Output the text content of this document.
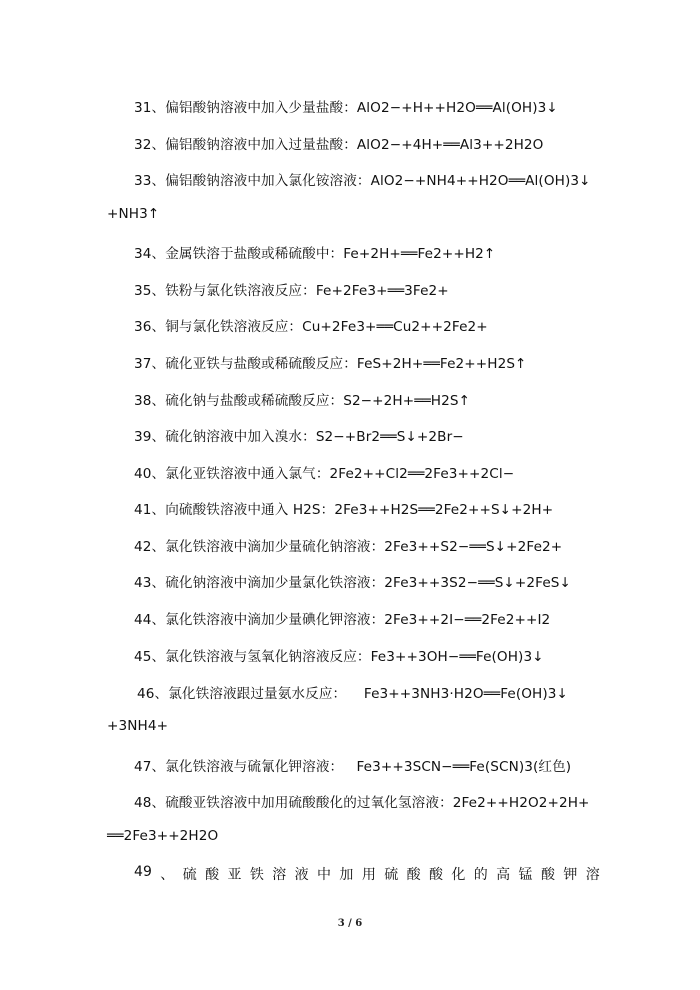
31、偏铝酸钠溶液中加入少量盐酸：AlO2−+H++H2O══Al(OH)3↓
32、偏铝酸钠溶液中加入过量盐酸：AlO2−+4H+══Al3++2H2O
33、偏铝酸钠溶液中加入氯化铵溶液：AlO2−+NH4++H2O══Al(OH)3↓
+NH3↑
34、金属铁溶于盐酸或稀硫酸中：Fe+2H+══Fe2++H2↑
35、铁粉与氯化铁溶液反应：Fe+2Fe3+══3Fe2+
36、铜与氯化铁溶液反应：Cu+2Fe3+══Cu2++2Fe2+
37、硫化亚铁与盐酸或稀硫酸反应：FeS+2H+══Fe2++H2S↑
38、硫化钠与盐酸或稀硫酸反应：S2−+2H+══H2S↑
39、硫化钠溶液中加入溴水：S2−+Br2══S↓+2Br−
40、氯化亚铁溶液中通入氯气：2Fe2++Cl2══2Fe3++2Cl−
41、向硫酸铁溶液中通入 H2S：2Fe3++H2S══2Fe2++S↓+2H+
42、氯化铁溶液中滴加少量硫化钠溶液：2Fe3++S2−══S↓+2Fe2+
43、硫化钠溶液中滴加少量氯化铁溶液：2Fe3++3S2−══S↓+2FeS↓
44、氯化铁溶液中滴加少量碘化钾溶液：2Fe3++2I−══2Fe2++I2
45、氯化铁溶液与氢氧化钠溶液反应：Fe3++3OH−══Fe(OH)3↓
46、氯化铁溶液跟过量氨水反应：    Fe3++3NH3·H2O══Fe(OH)3↓
+3NH4+
47、氯化铁溶液与硫氰化钾溶液：   Fe3++3SCN−══Fe(SCN)3(红色)
48、硫酸亚铁溶液中加用硫酸酸化的过氧化氢溶液：2Fe2++H2O2+2H+
══2Fe3++2H2O
49 、 硫 酸 亚 铁 溶 液 中 加 用 硫 酸 酸 化 的 高 锰 酸 钾 溶
3 / 6
